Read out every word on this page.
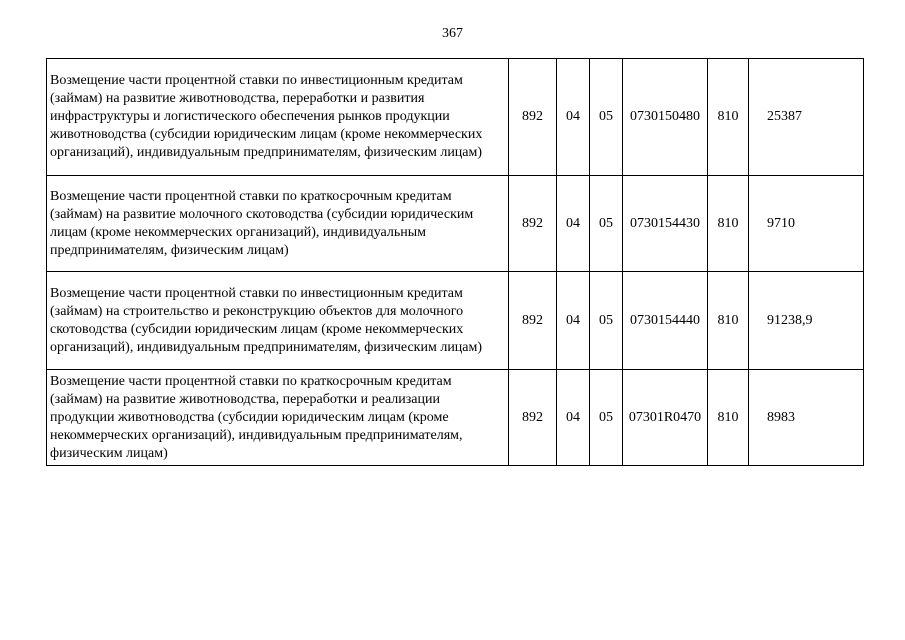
367
Возмещение части процентной ставки по инвестиционным кредитам (займам) на развитие животноводства, переработки и развития инфраструктуры и логистического обеспечения рынков продукции животноводства (субсидии юридическим лицам (кроме некоммерческих организаций), индивидуальным предпринимателям, физическим лицам)	892	04	05	0730150480	810	25387
Возмещение части процентной ставки по краткосрочным кредитам (займам) на развитие молочного скотоводства (субсидии юридическим лицам (кроме некоммерческих организаций), индивидуальным предпринимателям, физическим лицам)	892	04	05	0730154430	810	9710
Возмещение части процентной ставки по инвестиционным кредитам (займам) на строительство и реконструкцию объектов для молочного скотоводства (субсидии юридическим лицам (кроме некоммерческих организаций), индивидуальным предпринимателям, физическим лицам)	892	04	05	0730154440	810	91238,9
Возмещение части процентной ставки по краткосрочным кредитам (займам) на развитие животноводства, переработки и реализации продукции животноводства (субсидии юридическим лицам (кроме некоммерческих организаций), индивидуальным предпринимателям, физическим лицам)	892	04	05	07301R0470	810	8983
